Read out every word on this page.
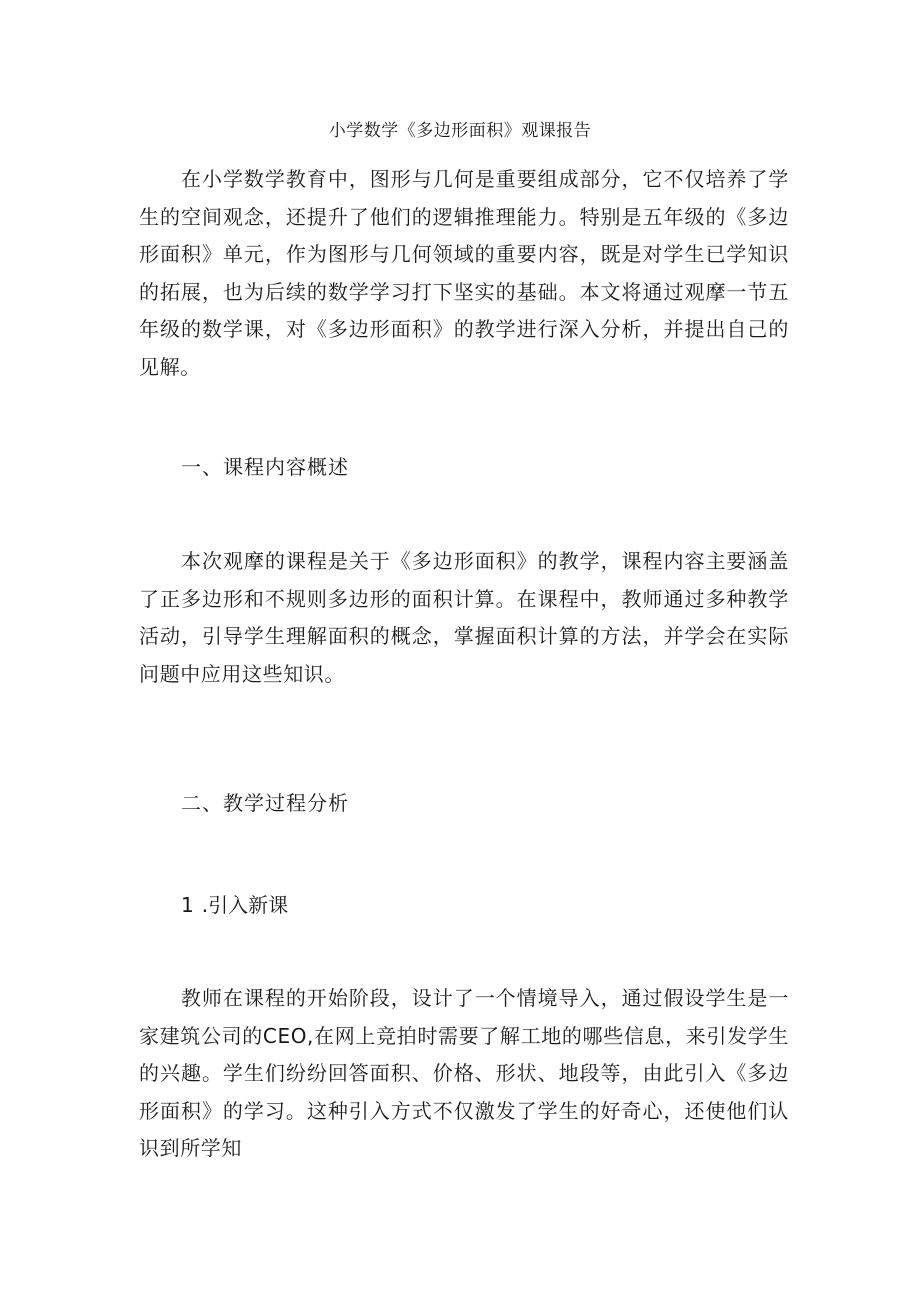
小学数学《多边形面积》观课报告

在小学数学教育中，图形与几何是重要组成部分，它不仅培养了学生的空间观念，还提升了他们的逻辑推理能力。特别是五年级的《多边形面积》单元，作为图形与几何领域的重要内容，既是对学生已学知识的拓展，也为后续的数学学习打下坚实的基础。本文将通过观摩一节五年级的数学课，对《多边形面积》的教学进行深入分析，并提出自己的见解。

一、课程内容概述

本次观摩的课程是关于《多边形面积》的教学，课程内容主要涵盖了正多边形和不规则多边形的面积计算。在课程中，教师通过多种教学活动，引导学生理解面积的概念，掌握面积计算的方法，并学会在实际问题中应用这些知识。

二、教学过程分析

1 .引入新课

教师在课程的开始阶段，设计了一个情境导入，通过假设学生是一家建筑公司的CEO,在网上竞拍时需要了解工地的哪些信息，来引发学生的兴趣。学生们纷纷回答面积、价格、形状、地段等，由此引入《多边形面积》的学习。这种引入方式不仅激发了学生的好奇心，还使他们认识到所学知
